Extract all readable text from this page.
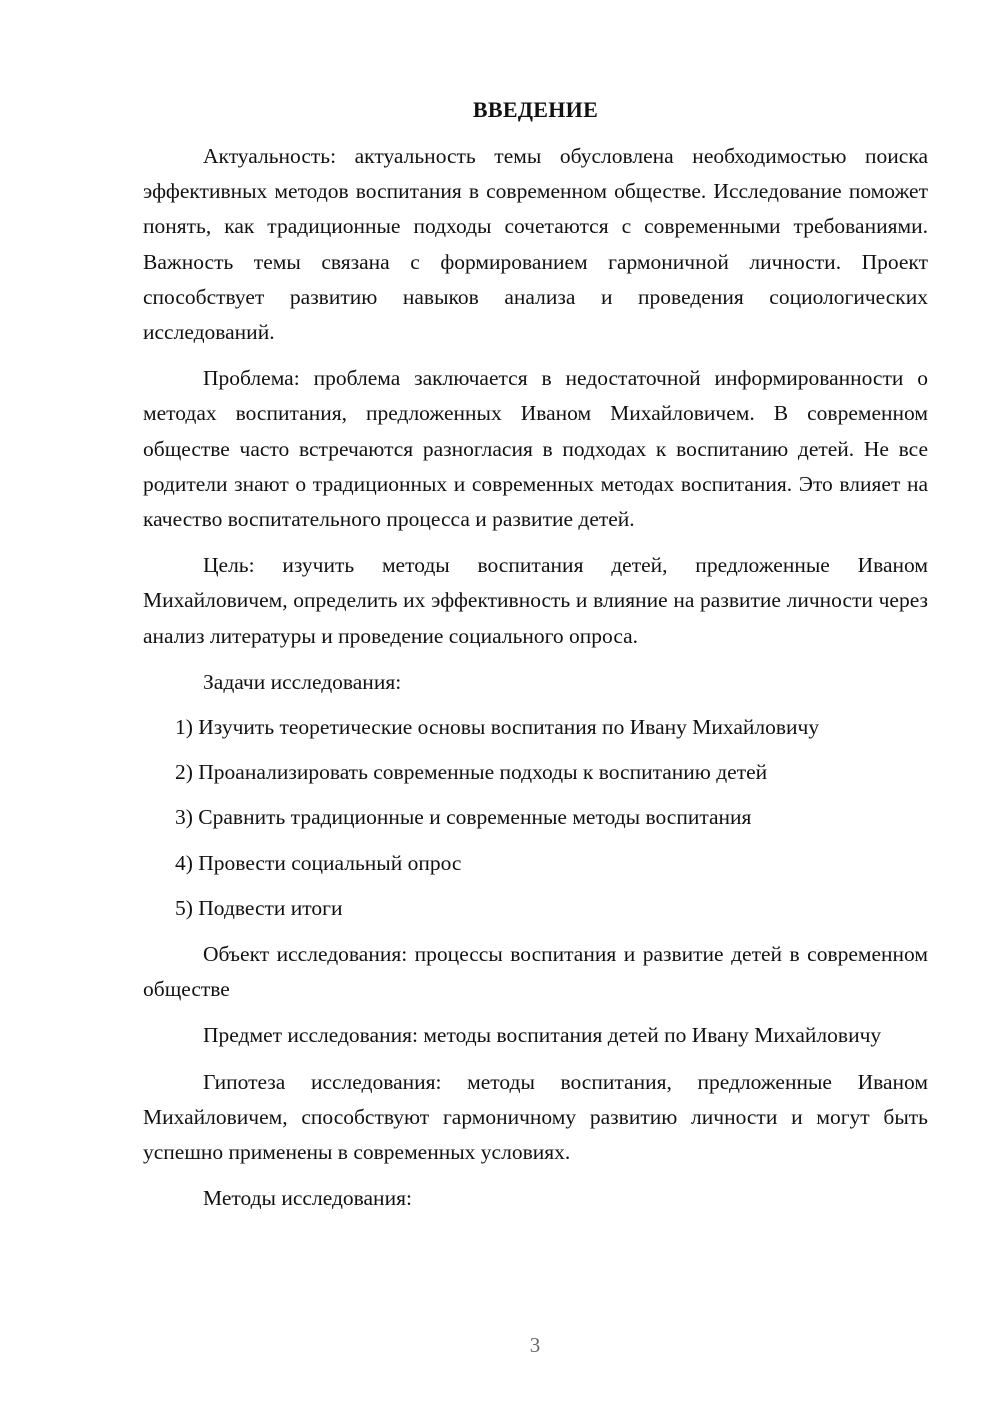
ВВЕДЕНИЕ

Актуальность: актуальность темы обусловлена необходимостью поиска эффективных методов воспитания в современном обществе. Исследование поможет понять, как традиционные подходы сочетаются с современными требованиями. Важность темы связана с формированием гармоничной личности. Проект способствует развитию навыков анализа и проведения социологических исследований.

Проблема: проблема заключается в недостаточной информированности о методах воспитания, предложенных Иваном Михайловичем. В современном обществе часто встречаются разногласия в подходах к воспитанию детей. Не все родители знают о традиционных и современных методах воспитания. Это влияет на качество воспитательного процесса и развитие детей.

Цель: изучить методы воспитания детей, предложенные Иваном Михайловичем, определить их эффективность и влияние на развитие личности через анализ литературы и проведение социального опроса.

Задачи исследования:

1) Изучить теоретические основы воспитания по Ивану Михайловичу
2) Проанализировать современные подходы к воспитанию детей
3) Сравнить традиционные и современные методы воспитания
4) Провести социальный опрос
5) Подвести итоги

Объект исследования: процессы воспитания и развитие детей в современном обществе

Предмет исследования: методы воспитания детей по Ивану Михайловичу

Гипотеза исследования: методы воспитания, предложенные Иваном Михайловичем, способствуют гармоничному развитию личности и могут быть успешно применены в современных условиях.

Методы исследования:

3
